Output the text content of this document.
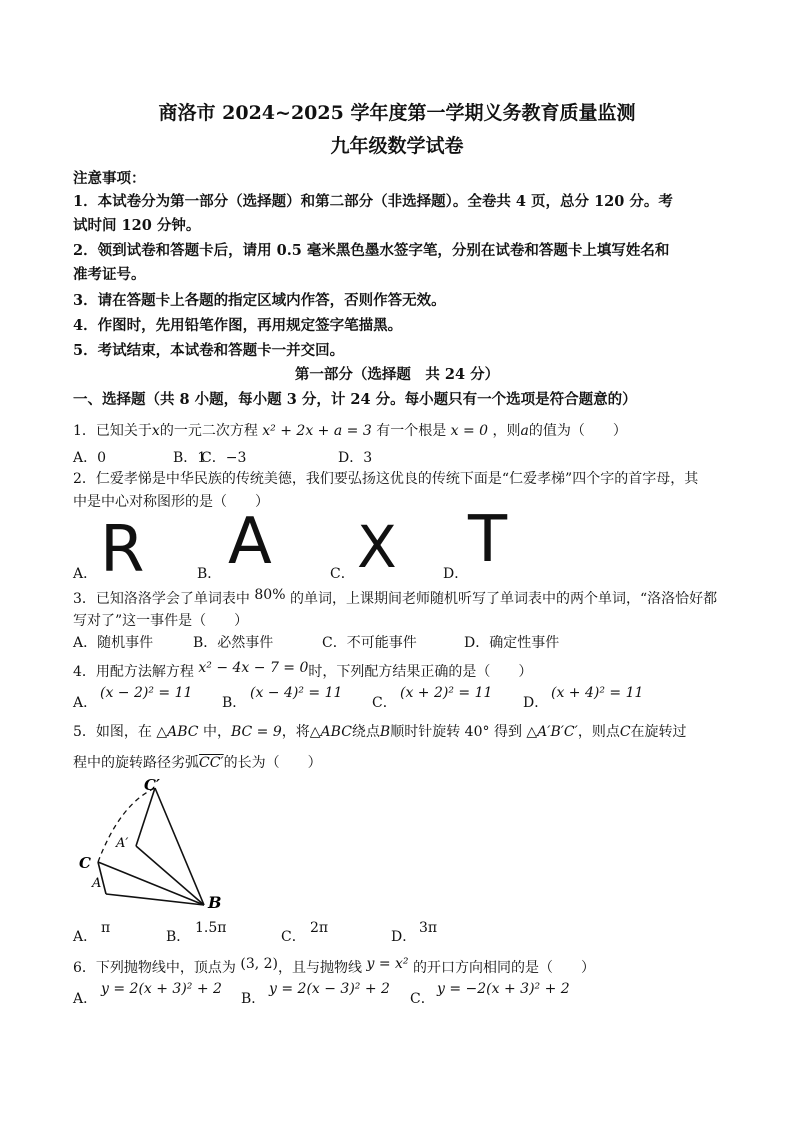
商洛市 2024~2025 学年度第一学期义务教育质量监测
九年级数学试卷
注意事项：
1．本试卷分为第一部分（选择题）和第二部分（非选择题）。全卷共 4 页，总分 120 分。考
试时间 120 分钟。
2．领到试卷和答题卡后，请用 0.5 毫米黑色墨水签字笔，分别在试卷和答题卡上填写姓名和
准考证号。
3．请在答题卡上各题的指定区域内作答，否则作答无效。
4．作图时，先用铅笔作图，再用规定签字笔描黑。
5．考试结束，本试卷和答题卡一并交回。
第一部分（选择题　共 24 分）
一、选择题（共 8 小题，每小题 3 分，计 24 分。每小题只有一个选项是符合题意的）
1．已知关于x的一元二次方程 x² + 2x + a = 3 有一个根是 x = 0 ，则a的值为（　　）
A．0	B．1
C．−3	D．3
2．仁爱孝悌是中华民族的传统美德，我们要弘扬这优良的传统下面是“仁爱孝梯”四个字的首字母，其
中是中心对称图形的是（　　）
A． R	B． A	C． X	D． T
3．已知洛洛学会了单词表中 80% 的单词，上课期间老师随机听写了单词表中的两个单词，“洛洛恰好都
写对了”这一事件是（　　）
A．随机事件	B．必然事件	C．不可能事件	D．确定性事件
4．用配方法解方程 x² − 4x − 7 = 0时，下列配方结果正确的是（　　）
A．
(x − 2)² = 11
B．
(x − 4)² = 11
C．
(x + 2)² = 11
D．
(x + 4)² = 11
5．如图，在 △ABC 中，BC = 9，将△ABC绕点B顺时针旋转 40° 得到 △A′B′C′，则点C在旋转过
程中的旋转路径劣弧CC′的长为（　　）
C′
A′
C
A
B
A．
π
B．
1.5π
C．
2π
D．
3π
6．下列抛物线中，顶点为 (3, 2)，且与抛物线 y = x² 的开口方向相同的是（　　）
A．
y = 2(x + 3)² + 2
B．
y = 2(x − 3)² + 2
C．
y = −2(x + 3)² + 2
